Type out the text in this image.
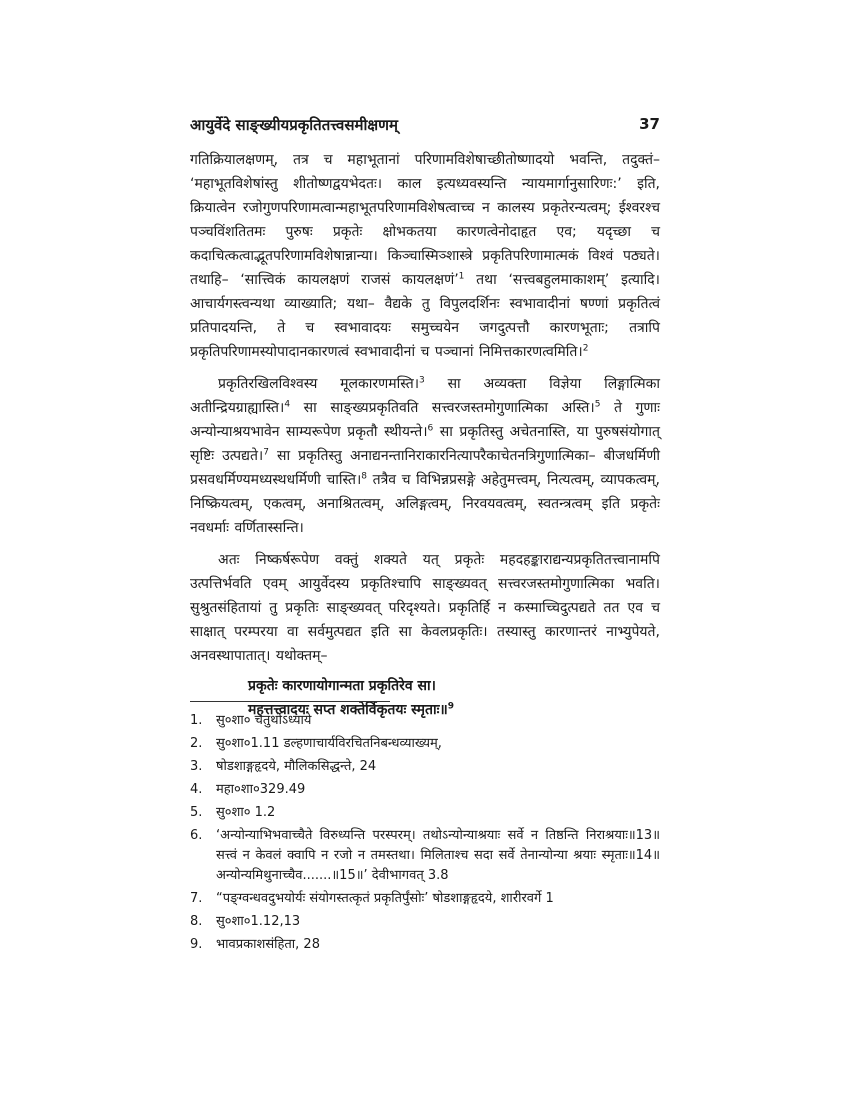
आयुर्वेदे साङ्ख्यीयप्रकृतितत्त्वसमीक्षणम्	37

गतिक्रियालक्षणम्, तत्र च महाभूतानां परिणामविशेषाच्छीतोष्णादयो भवन्ति, तदुक्तं– ‘महाभूतविशेषांस्तु शीतोष्णद्वयभेदतः। काल इत्यध्यवस्यन्ति न्यायमार्गानुसारिणः:’ इति, क्रियात्वेन रजोगुणपरिणामत्वान्महाभूतपरिणामविशेषत्वाच्च न कालस्य प्रकृतेरन्यत्वम्; ईश्वरश्च पञ्चविंशतितमः पुरुषः प्रकृतेः क्षोभकतया कारणत्वेनोदाहृत एव; यदृच्छा च कदाचित्कत्वाद्भूतपरिणामविशेषान्नान्या। किञ्चास्मिञ्शास्त्रे प्रकृतिपरिणामात्मकं विश्वं पठ्यते। तथाहि– ‘सात्त्विकं कायलक्षणं राजसं कायलक्षणं’$^1$ तथा ‘सत्त्वबहुलमाकाशम्’ इत्यादि। आचार्यगस्त्वन्यथा व्याख्याति; यथा– वैद्यके तु विपुलदर्शिनः स्वभावादीनां षण्णां प्रकृतित्वं प्रतिपादयन्ति, ते च स्वभावादयः समुच्चयेन जगदुत्पत्तौ कारणभूताः; तत्रापि प्रकृतिपरिणामस्योपादानकारणत्वं स्वभावादीनां च पञ्चानां निमित्तकारणत्वमिति।$^2$

प्रकृतिरखिलविश्वस्य मूलकारणमस्ति।$^3$ सा अव्यक्ता विज्ञेया लिङ्गात्मिका अतीन्द्रियग्राह्यास्ति।$^4$ सा साङ्ख्यप्रकृतिवति सत्त्वरजस्तमोगुणात्मिका अस्ति।$^5$ ते गुणाः अन्योन्याश्रयभावेन साम्यरूपेण प्रकृतौ स्थीयन्ते।$^6$ सा प्रकृतिस्तु अचेतनास्ति, या पुरुषसंयोगात् सृष्टिः उत्पद्यते।$^7$ सा प्रकृतिस्तु अनाद्यनन्तानिराकारनित्यापरैकाचेतनत्रिगुणात्मिका– बीजधर्मिणी प्रसवधर्मिण्यमध्यस्थधर्मिणी चास्ति।$^8$ तत्रैव च विभिन्नप्रसङ्गे अहेतुमत्त्वम्, नित्यत्वम्, व्यापकत्वम्, निष्क्रियत्वम्, एकत्वम्, अनाश्रितत्वम्, अलिङ्गत्वम्, निरवयवत्वम्, स्वतन्त्रत्वम् इति प्रकृतेः नवधर्माः वर्णितास्सन्ति।

अतः निष्कर्षरूपेण वक्तुं शक्यते यत् प्रकृतेः महदहङ्काराद्यन्यप्रकृतितत्त्वानामपि उत्पत्तिर्भवति एवम् आयुर्वेदस्य प्रकृतिश्चापि साङ्ख्यवत् सत्त्वरजस्तमोगुणात्मिका भवति। सुश्रुतसंहितायां तु प्रकृतिः साङ्ख्यवत् परिदृश्यते। प्रकृतिर्हि न कस्माच्चिदुत्पद्यते तत एव च साक्षात् परम्परया वा सर्वमुत्पद्यत इति सा केवलप्रकृतिः। तस्यास्तु कारणान्तरं नाभ्युपेयते, अनवस्थापातात्। यथोक्तम्–

प्रकृतेः कारणायोगान्मता प्रकृतिरेव सा।
महत्तत्त्वादयः सप्त शक्तेर्विकृतयः स्मृताः॥$^9$
1.	सु०शा० चतुर्थोऽध्याये
2.	सु०शा०1.11 डल्हणाचार्यविरचितनिबन्धव्याख्यम्,
3.	षोडशाङ्गहृदये, मौलिकसिद्धन्ते, 24
4.	महा०शा०329.49
5.	सु०शा० 1.2
6.	‘अन्योन्याभिभवाच्चैते विरुध्यन्ति परस्परम्। तथोऽन्योन्याश्रयाः सर्वे न तिष्ठन्ति निराश्रयाः॥13॥ सत्त्वं न केवलं क्वापि न रजो न तमस्तथा। मिलिताश्च सदा सर्वे तेनान्योन्या श्रयाः स्मृताः॥14॥ अन्योन्यमिथुनाच्चैव.......॥15॥’ देवीभागवत् 3.8
7.	“पङ्ग्वन्धवदुभयोर्यः संयोगस्तत्कृतं प्रकृतिर्पुंसोः’ षोडशाङ्गहृदये, शारीरवर्गे 1
8.	सु०शा०1.12,13
9.	भावप्रकाशसंहिता, 28
